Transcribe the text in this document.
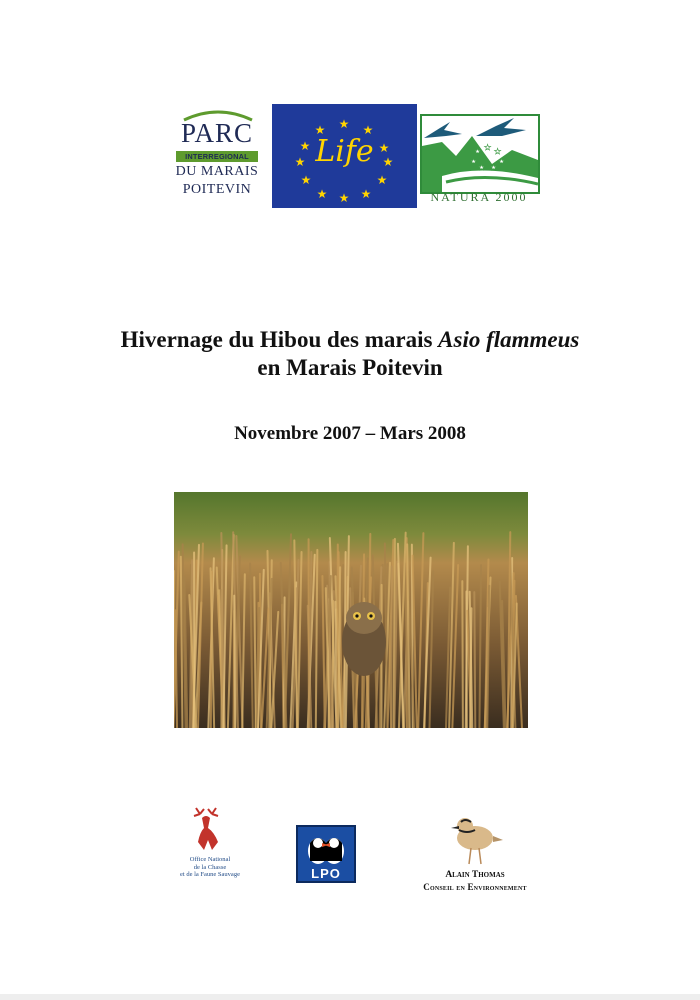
PARC
INTERREGIONAL
DU MARAIS
POITEVIN
★ ★
★
★
★
★
★
★
★
★
★
★
Life	★ ★ ★
★	★
★ ★
NATURA 2000
Hivernage du Hibou des marais Asio flammeus
en Marais Poitevin
Novembre 2007 – Mars 2008
Office National
de la Chasse
et de la Faune Sauvage	LPO	Alain Thomas
Conseil en Environnement
